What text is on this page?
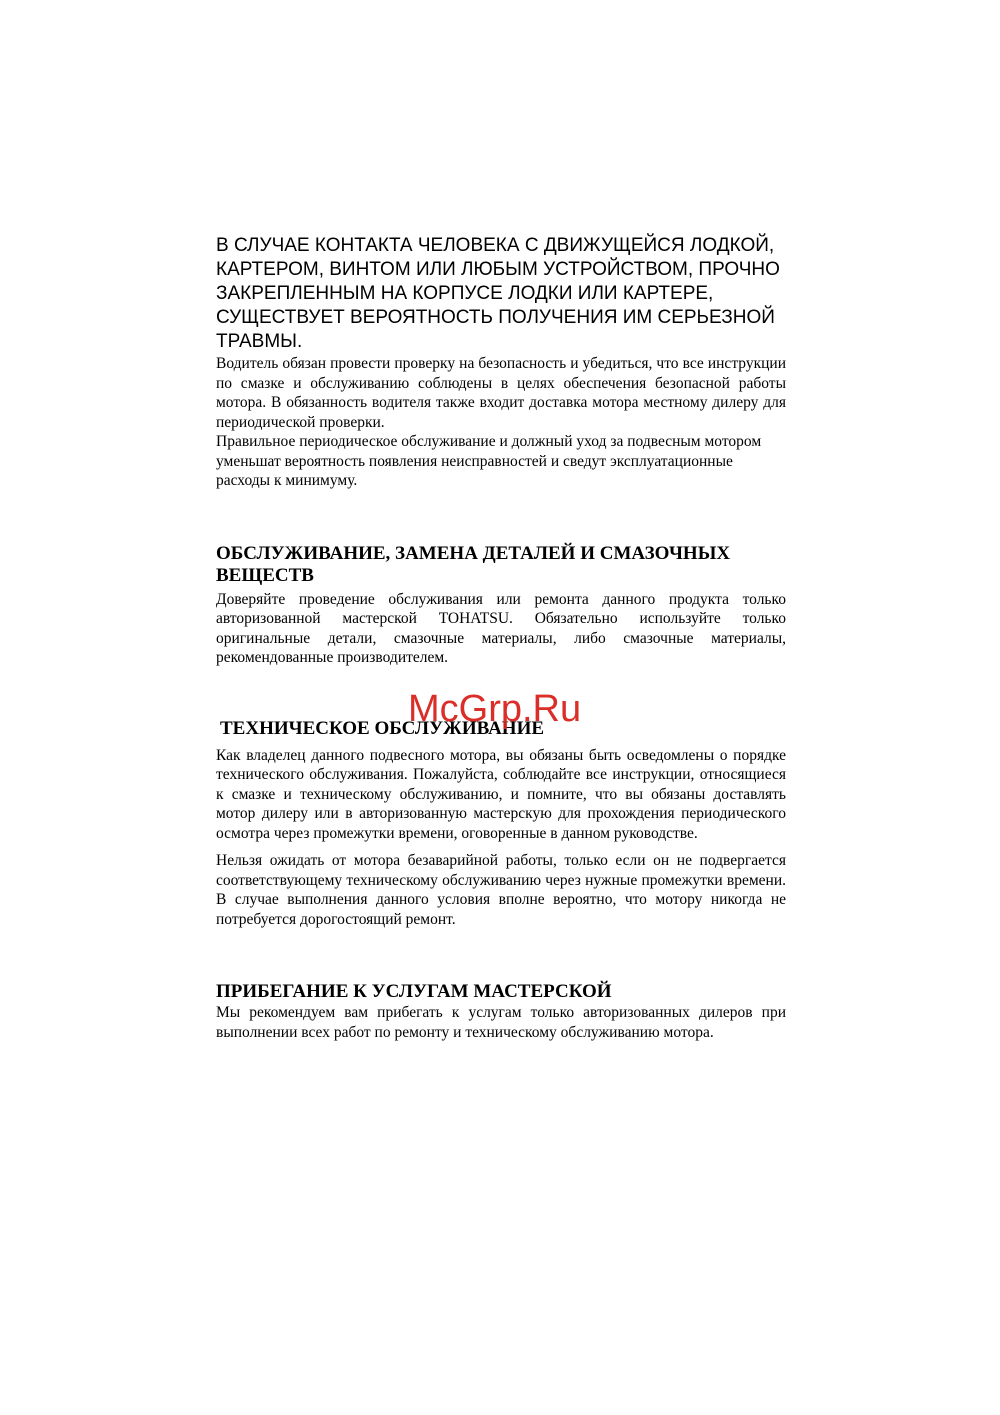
В СЛУЧАЕ КОНТАКТА ЧЕЛОВЕКА С ДВИЖУЩЕЙСЯ ЛОДКОЙ, КАРТЕРОМ, ВИНТОМ ИЛИ ЛЮБЫМ УСТРОЙСТВОМ, ПРОЧНО ЗАКРЕПЛЕННЫМ НА КОРПУСЕ ЛОДКИ ИЛИ КАРТЕРЕ, СУЩЕСТВУЕТ ВЕРОЯТНОСТЬ ПОЛУЧЕНИЯ ИМ СЕРЬЕЗНОЙ ТРАВМЫ.

Водитель обязан провести проверку на безопасность и убедиться, что все инструкции по смазке и обслуживанию соблюдены в целях обеспечения безопасной работы мотора. В обязанность водителя также входит доставка мотора местному дилеру для периодической проверки.

Правильное периодическое обслуживание и должный уход за подвесным мотором уменьшат вероятность появления неисправностей и сведут эксплуатационные расходы к минимуму.

ОБСЛУЖИВАНИЕ, ЗАМЕНА ДЕТАЛЕЙ И СМАЗОЧНЫХ ВЕЩЕСТВ

Доверяйте проведение обслуживания или ремонта данного продукта только авторизованной мастерской TOHATSU. Обязательно используйте только оригинальные детали, смазочные материалы, либо смазочные материалы, рекомендованные производителем.

ТЕХНИЧЕСКОЕ ОБСЛУЖИВАНИЕ

Как владелец данного подвесного мотора, вы обязаны быть осведомлены о порядке технического обслуживания. Пожалуйста, соблюдайте все инструкции, относящиеся к смазке и техническому обслуживанию, и помните, что вы обязаны доставлять мотор дилеру или в авторизованную мастерскую для прохождения периодического осмотра через промежутки времени, оговоренные в данном руководстве.

Нельзя ожидать от мотора безаварийной работы, только если он не подвергается соответствующему техническому обслуживанию через нужные промежутки времени. В случае выполнения данного условия вполне вероятно, что мотору никогда не потребуется дорогостоящий ремонт.

ПРИБЕГАНИЕ К УСЛУГАМ МАСТЕРСКОЙ

Мы рекомендуем вам прибегать к услугам только авторизованных дилеров при выполнении всех работ по ремонту и техническому обслуживанию мотора.

McGrp.Ru
